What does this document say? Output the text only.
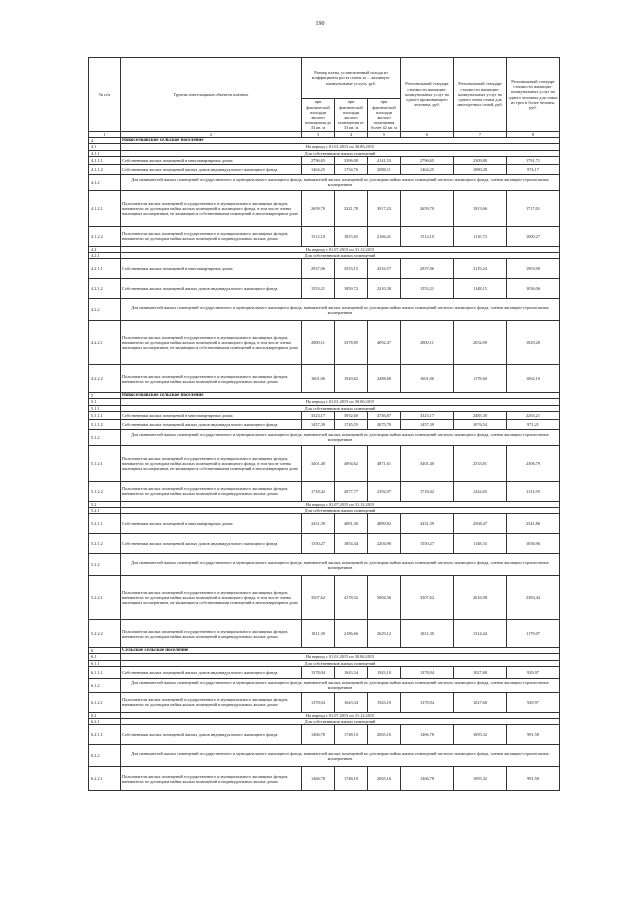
190
№ п/п	Группы плательщиков объектов платных	Размер платы, установленный исходя из коэффициента роста платы за ... жилищно-коммунальные услуги, руб.			Региональный стандарт стоимости жилищно-коммунальных услуг на одного проживающего человека, руб.	Региональный стандарт стоимости жилищно-коммунальных услуг на одного члена семьи для многодетных семей, руб.	Региональный стандарт стоимости жилищно-коммунальных услуг на одного человека для семьи из трех и более человек, руб.
		при фактической площади жилого помещения до 33 кв. м	при фактической площади жилого помещения от 33 кв. м	при фактической площади жилого помещения более 42 кв. м			
1	2	3	4	5	6	7	8
4	Новоселковское сельское поселение						
4.1	На период с 01.01.2015 по 30.06.2015						
4.1.1	Для собственников жилых помещений						
4.1.1.1	Собственники жилых помещений в многоквартирных домах	2796,65	3396,08	4141,53	2796,65	2309,80	1791,71
4.1.1.2	Собственники жилых помещений жилых домов индивидуального жилищного фонда	1464,25	1754,76	2088,11	1464,25	1080,28	974,17
4.1.2	Для нанимателей жилых помещений государственного и муниципального жилищного фонда, нанимателей жилых помещений по договорам найма жилых помещений частного жилищного фонда, членов жилищно-строительных кооперативов						
4.1.2.1	Пользователи жилых помещений государственного и муниципального жилищных фондов, наниматели по договорам найма жилых помещений и жилищного фонда, в том числе члены жилищных кооперативов, не являющиеся собственниками помещений в многоквартирном доме	2659,70	3221,78	3917,23	2659,70	1913,66	1717,01
4.1.2.2	Пользователи жилых помещений государственного и муниципального жилищных фондов, наниматели по договорам найма жилых помещений в индивидуальных жилых домах	1512,10	1815,65	2166,41	1512,10	1110,73	1000,27
4.2	На период с 01.07.2015 по 31.12.2015						
4.2.1	Для собственников жилых помещений						
4.2.1.1	Собственники жилых помещений в многоквартирных домах	2937,06	3553,15	4316,57	2937,06	2119,24	1903,90
4.2.1.2	Собственники жилых помещений жилых домов индивидуального жилищного фонда	1553,21	1859,72	2210,38	1553,21	1148,15	1036,06
4.2.2	Для нанимателей жилых помещений государственного и муниципального жилищного фонда, нанимателей жилых помещений по договорам найма жилых помещений частного жилищного фонда, членов жилищно-строительных кооперативов						
4.2.2.1	Пользователи жилых помещений государственного и муниципального жилищных фондов, наниматели по договорам найма жилых помещений и жилищного фонда, в том числе члены жилищных кооперативов, не являющиеся собственниками помещений в многоквартирном доме	2800,11	3378,85	4092,47	2800,11	2032,09	1829,20
4.2.2.2	Пользователи жилых помещений государственного и муниципального жилищных фондов, наниматели по договорам найма жилых помещений в индивидуальных жилых домах	1601,06	1920,62	2288,68	1601,06	1178,60	1062,10
5	Новоселковское сельское поселение						
5.1	На период с 01.01.2015 по 30.06.2015						
5.1.1	Для собственников жилых помещений						
5.1.1.1	Собственники жилых помещений в многоквартирных домах	3323,17	3952,60	4746,87	3323,17	2485,30	2265,21
5.1.1.2	Собственники жилых помещений жилых домов индивидуального жилищного фонда	1457,39	1745,55	2075,70	1457,39	1076,54	971,21
5.1.2	Для нанимателей жилых помещений государственного и муниципального жилищного фонда, нанимателей жилых помещений по договорам найма жилых помещений частного жилищного фонда, членов жилищно-строительных кооперативов						
5.1.2.1	Пользователи жилых помещений государственного и муниципального жилищных фондов, наниматели по договорам найма жилых помещений и жилищного фонда, в том числе члены жилищных кооперативов, не являющиеся собственниками помещений в многоквартирном доме	3401,40	4094,62	4871,61	3401,40	2533,81	2306,79
5.1.2.2	Пользователи жилых помещений государственного и муниципального жилищных фондов, наниматели по договорам найма жилых помещений в индивидуальных жилых домах	1718,42	2077,77	2392,97	1718,42	1242,65	1113,59
5.2	На период с 01.07.2015 по 31.12.2015						
5.2.1	Для собственников жилых помещений						
5.2.1.1	Собственники жилых помещений в многоквартирных домах	3431,39	4081,30	4889,82	3431,39	2568,47	2341,86
5.2.1.2	Собственники жилых помещений жилых домов индивидуального жилищного фонда	1550,27	1854,44	2204,98	1550,27	1148,33	1036,96
5.2.2	Для нанимателей жилых помещений государственного и муниципального жилищного фонда, нанимателей жилых помещений по договорам найма жилых помещений частного жилищного фонда, членов жилищно-строительных кооперативов						
5.2.2.1	Пользователи жилых помещений государственного и муниципального жилищных фондов, наниматели по договорам найма жилых помещений и жилищного фонда, в том числе члены жилищных кооперативов, не являющиеся собственниками помещений в многоквартирном доме	3507,62	4178,32	5004,56	3507,62	2616,98	2383,44
5.2.2.2	Пользователи жилых помещений государственного и муниципального жилищных фондов, наниматели по договорам найма жилых помещений в индивидуальных жилых домах	1811,30	2186,66	2629,12	1811,30	1314,44	1179,07
6	Сельское сельское поселение						
6.1	На период с 01.01.2015 по 30.06.2015						
6.1.1	Для собственников жилых помещений						
6.1.1.1	Собственники жилых помещений жилых домов индивидуального жилищного фонда	1378,04	1643,34	1943,10	1378,04	1027,68	929,97
6.1.2	Для нанимателей жилых помещений государственного и муниципального жилищного фонда, нанимателей жилых помещений по договорам найма жилых помещений частного жилищного фонда, членов жилищно-строительных кооперативов						
6.1.2.1	Пользователи жилых помещений государственного и муниципального жилищных фондов, наниматели по договорам найма жилых помещений в индивидуальных жилых домах	1378,04	1643,34	1943,10	1378,04	1027,68	929,97
6.2	На период с 01.07.2015 по 31.12.2015						
6.2.1	Для собственников жилых помещений						
6.2.1.1	Собственники жилых помещений жилых домов индивидуального жилищного фонда	1466,78	1748,10	2065,16	1466,78	1095,32	991,58
6.2.2	Для нанимателей жилых помещений государственного и муниципального жилищного фонда, нанимателей жилых помещений по договорам найма жилых помещений частного жилищного фонда, членов жилищно-строительных кооперативов						
6.2.2.1	Пользователи жилых помещений государственного и муниципального жилищных фондов, наниматели по договорам найма жилых помещений в индивидуальных жилых домах	1466,78	1748,10	2065,16	1466,78	1095,32	991,58
